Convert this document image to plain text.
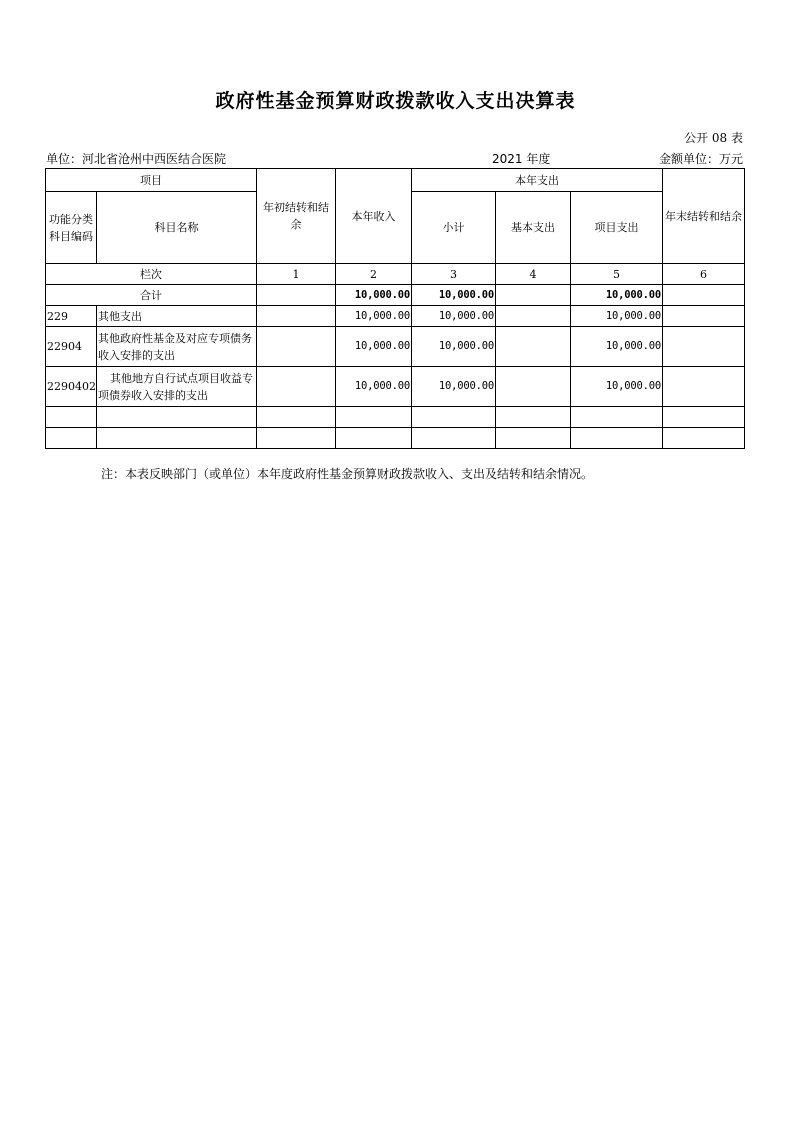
政府性基金预算财政拨款收入支出决算表
公开 08 表
单位：河北省沧州中西医结合医院	2021 年度	金额单位：万元
项目		年初结转和结余	本年收入	本年支出			年末结转和结余
功能分类科目编码	科目名称			小计	基本支出	项目支出	
栏次		1	2	3	4	5	6
合计			10,000.00	10,000.00		10,000.00	
229	其他支出		10,000.00	10,000.00		10,000.00	
22904	其他政府性基金及对应专项债务收入安排的支出		10,000.00	10,000.00		10,000.00	
2290402	其他地方自行试点项目收益专项债券收入安排的支出		10,000.00	10,000.00		10,000.00	

注：本表反映部门（或单位）本年度政府性基金预算财政拨款收入、支出及结转和结余情况。
